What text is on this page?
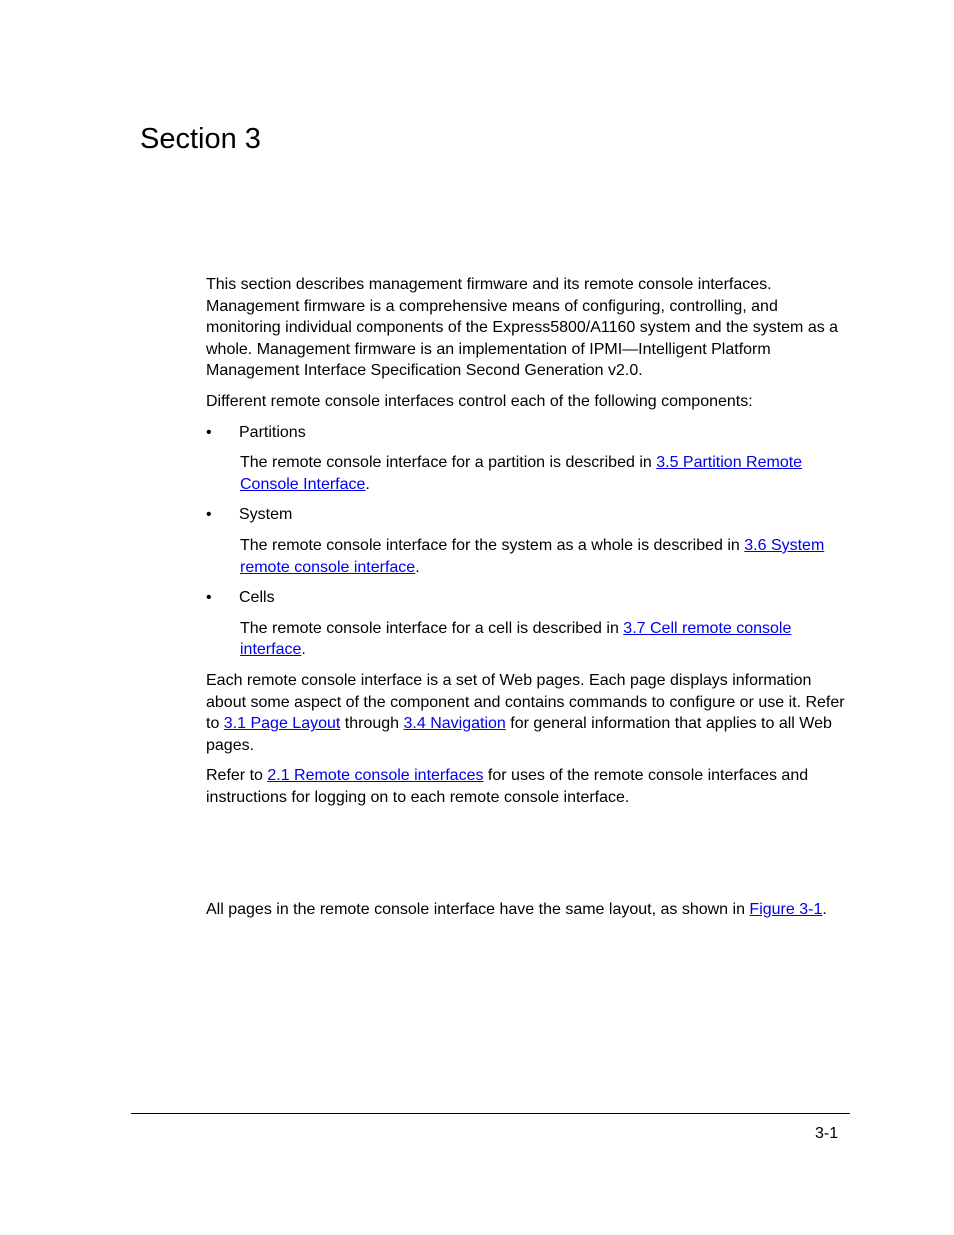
Section 3

This section describes management firmware and its remote console interfaces. Management firmware is a comprehensive means of configuring, controlling, and monitoring individual components of the Express5800/A1160 system and the system as a whole. Management firmware is an implementation of IPMI—Intelligent Platform Management Interface Specification Second Generation v2.0.

Different remote console interfaces control each of the following components:

•	Partitions

The remote console interface for a partition is described in 3.5 Partition Remote Console Interface.

•	System

The remote console interface for the system as a whole is described in 3.6 System remote console interface.

•	Cells

The remote console interface for a cell is described in 3.7 Cell remote console interface.

Each remote console interface is a set of Web pages. Each page displays information about some aspect of the component and contains commands to configure or use it. Refer to 3.1 Page Layout through 3.4 Navigation for general information that applies to all Web pages.

Refer to 2.1 Remote console interfaces for uses of the remote console interfaces and instructions for logging on to each remote console interface.

All pages in the remote console interface have the same layout, as shown in Figure 3-1.

3-1
